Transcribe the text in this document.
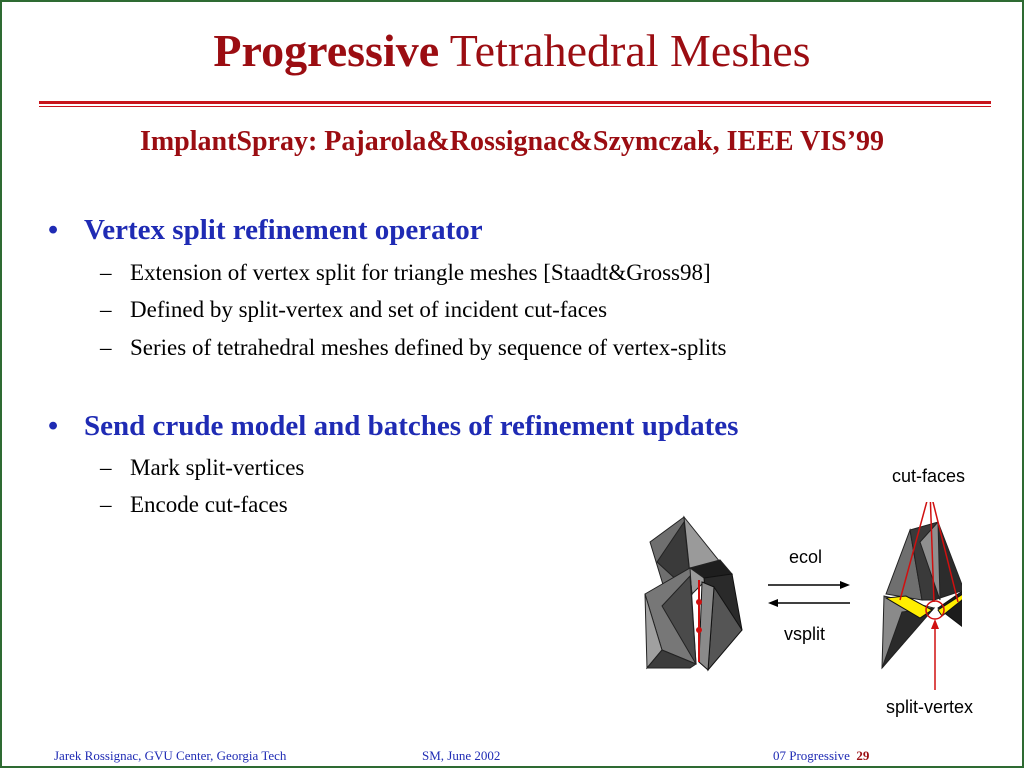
Progressive Tetrahedral Meshes
ImplantSpray: Pajarola&Rossignac&Szymczak, IEEE VIS’99
• Vertex split refinement operator
– Extension of vertex split for triangle meshes [Staadt&Gross98]
– Defined by split-vertex and set of incident cut-faces
– Series of tetrahedral meshes defined by sequence of vertex-splits
• Send crude model and batches of refinement updates
– Mark split-vertices
– Encode cut-faces
ecol
vsplit
cut-faces
split-vertex
Jarek Rossignac, GVU Center, Georgia Tech	SM, June 2002	07 Progressive 29
